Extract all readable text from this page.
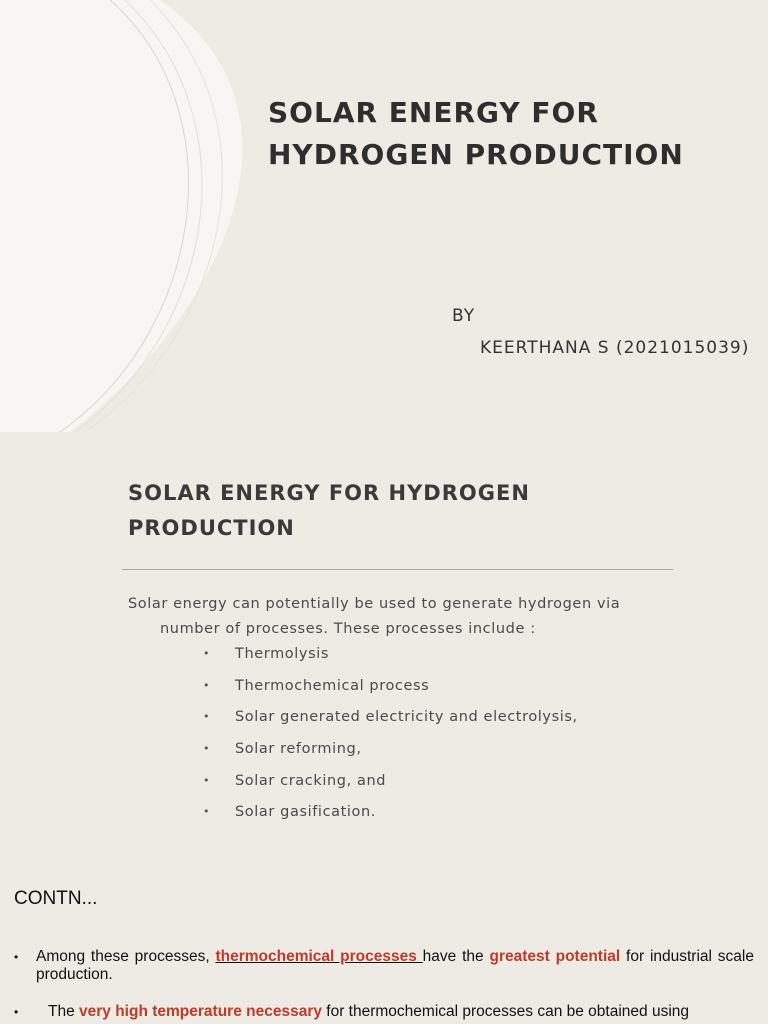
SOLAR ENERGY FOR
HYDROGEN PRODUCTION
BY
KEERTHANA S (2021015039)
SOLAR ENERGY FOR HYDROGEN
PRODUCTION
Solar energy can potentially be used to generate hydrogen via
number of processes. These processes include :
• Thermolysis
• Thermochemical process
• Solar generated electricity and electrolysis,
• Solar reforming,
• Solar cracking, and
• Solar gasification.
CONTN...
• Among these processes, thermochemical processes have the greatest potential for industrial scale production.
• The very high temperature necessary for thermochemical processes can be obtained using
